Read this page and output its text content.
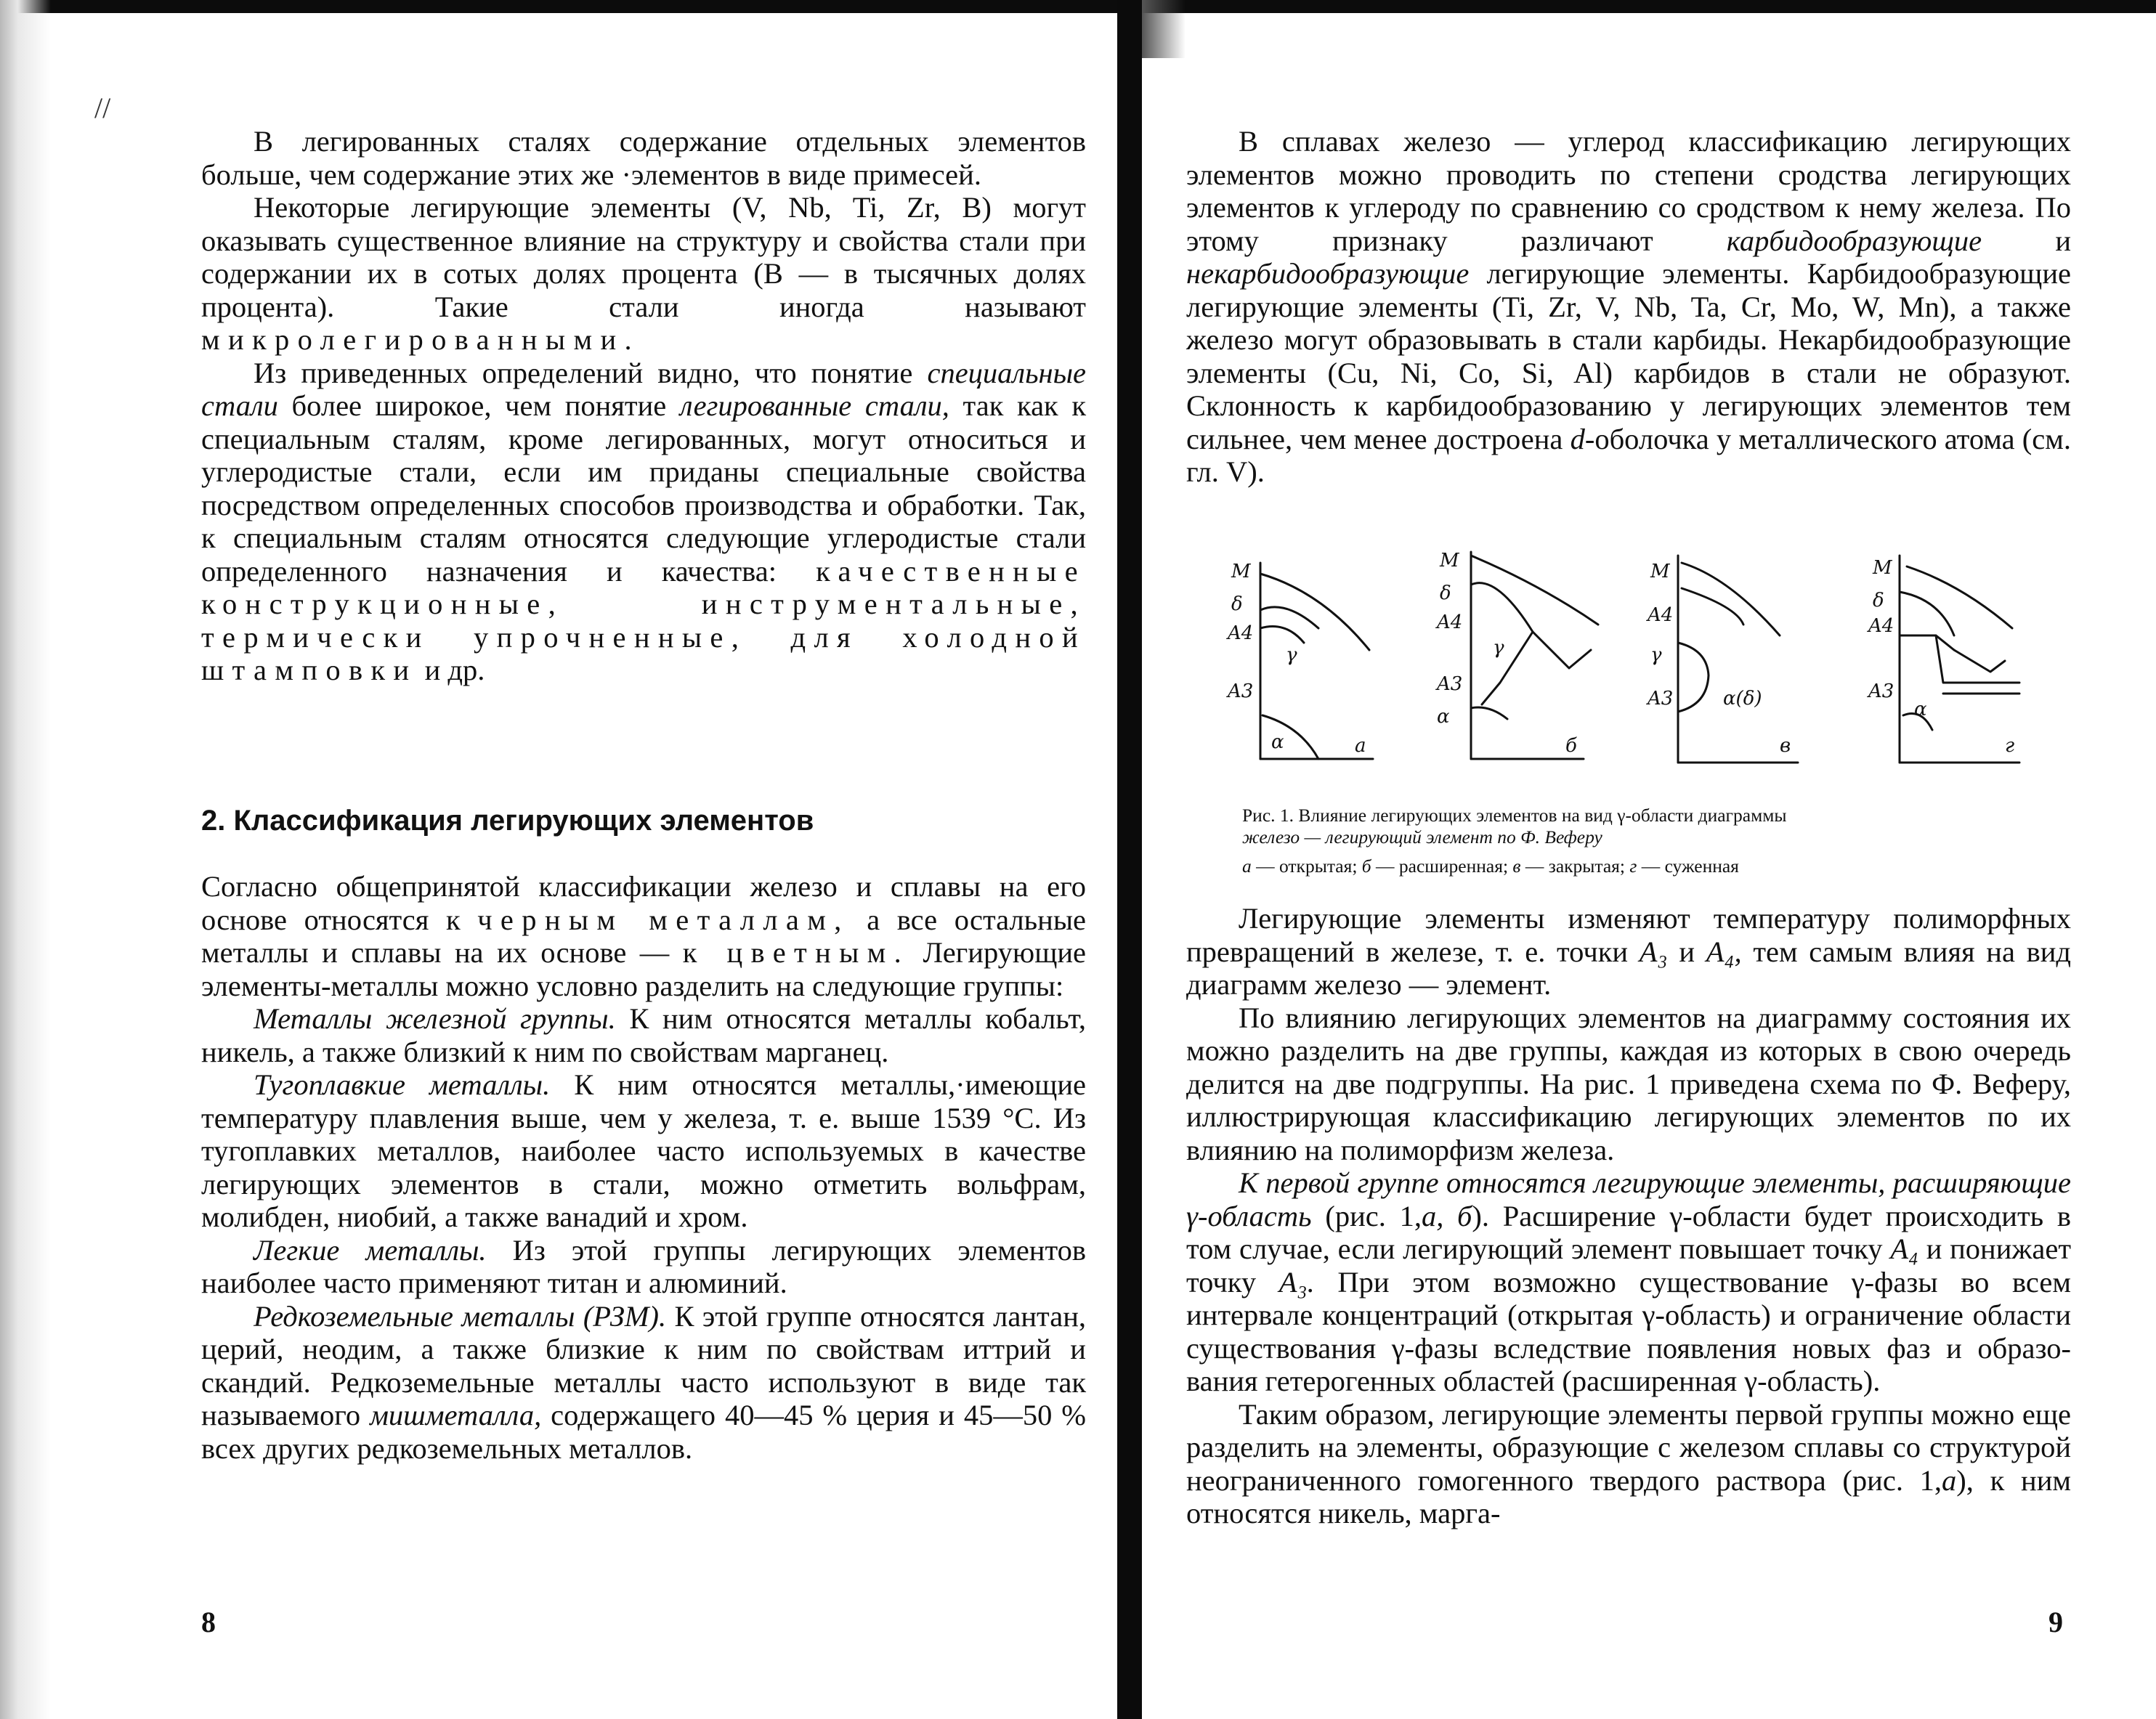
//

В легированных сталях содержание отдельных элементов больше, чем содержание этих же ·элементов в виде примесей.

Некоторые легирующие элементы (V, Nb, Ti, Zr, B) могут оказывать существенное влияние на структуру и свойства стали при содержании их в сотых долях процента (B — в тысячных долях процента). Такие стали иногда называют микролегированными.

Из приведенных определений видно, что понятие специальные стали более широкое, чем понятие легированные стали, так как к специальным сталям, кроме легированных, могут относиться и углеродистые стали, если им приданы специальные свойства посредством определенных способов производства и обработки. Так, к специальным сталям относятся следующие углеродистые стали определенного назначения и качества: качественные конструкционные, инструментальные, термически упрочненные, для холодной штамповки и др.

2. Классификация легирующих элементов

Согласно общепринятой классификации железо и сплавы на его основе относятся к черным металлам, а все остальные металлы и сплавы на их основе — к цветным. Легирующие элементы-металлы можно условно разделить на следующие группы:

Металлы железной группы. К ним относятся металлы кобальт, никель, а также близкий к ним по свойствам марганец.

Тугоплавкие металлы. К ним относятся металлы,·имеющие температуру плавления выше, чем у железа, т. е. выше 1539 °C. Из тугоплавких металлов, наиболее часто используемых в качестве легирующих элементов в стали, можно отметить вольфрам, молибден, ниобий, а также ванадий и хром.

Легкие металлы. Из этой группы легирующих элементов наиболее часто применяют титан и алюминий.

Редкоземельные металлы (РЗМ). К этой группе относятся лантан, церий, неодим, а также близкие к ним по свойствам иттрий и скандий. Редкоземельные металлы часто используют в виде так называемого мишметалла, содержащего 40—45 % церия и 45—50 % всех других редкоземельных металлов.

8

В сплавах железо — углерод классификацию легирующих элементов можно проводить по степени сродства легирующих элементов к углероду по сравнению со сродством к нему железа. По этому признаку различают карбидообразующие и некарбидообразующие легирующие элементы. Карбидообразующие легирующие элементы (Ti, Zr, V, Nb, Ta, Cr, Mo, W, Mn), а также железо могут образовывать в стали карбиды. Некарбидообразующие элементы (Cu, Ni, Co, Si, Al) карбидов в стали не образуют. Склонность к карбидообразованию у легирующих элементов тем сильнее, чем менее достроена d-оболочка у металлического атома (см. гл. V).

M
δ
A4
γ
A3
α	а
M
δ
A4
γ
A3
α
б
M
A4
γ
A3	α(δ)
в
M
δ
A4
A3
α
г

Рис. 1. Влияние легирующих элементов на вид γ-области диаграммы
железо — легирующий элемент по Ф. Веферу

а — открытая; б — расширенная; в — закрытая; г — суженная

Легирующие элементы изменяют температуру полиморфных превращений в железе, т. е. точки A₃ и A₄, тем самым влияя на вид диаграмм железо — элемент.

По влиянию легирующих элементов на диаграмму состояния их можно разделить на две группы, каждая из которых в свою очередь делится на две подгруппы. На рис. 1 приведена схема по Ф. Веферу, иллюстрирующая классификацию легирующих элементов по их влиянию на полиморфизм железа.

К первой группе относятся легирующие элементы, расширяющие γ-область (рис. 1,а, б). Расширение γ-области будет происходить в том случае, если легирующий элемент повышает точку A₄ и понижает точку A₃. При этом возможно существование γ-фазы во всем интервале концентраций (открытая γ-область) и ограничение области существования γ-фазы вследствие появления новых фаз и образования гетерогенных областей (расширенная γ-область).

Таким образом, легирующие элементы первой группы можно еще разделить на элементы, образующие с железом сплавы со структурой неограниченного гомогенного твердого раствора (рис. 1,а), к ним относятся никель, марга-

9
